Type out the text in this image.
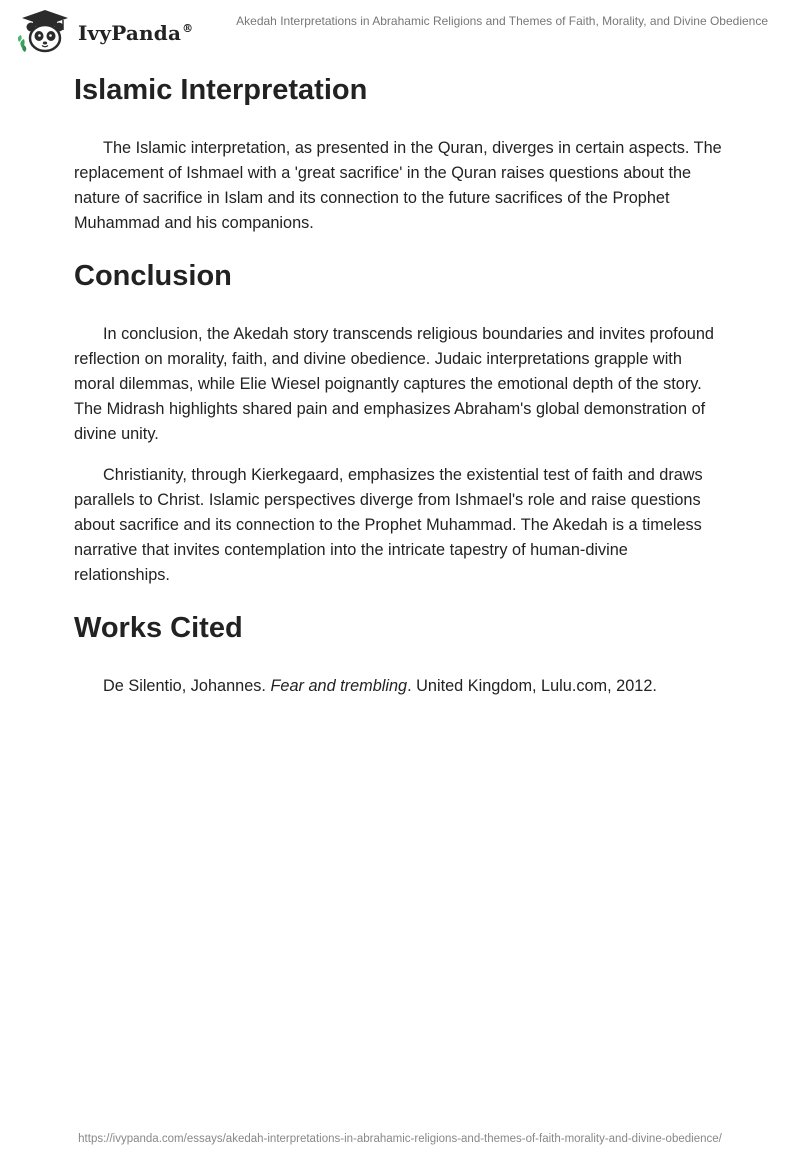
IvyPanda®
Akedah Interpretations in Abrahamic Religions and Themes of Faith, Morality, and Divine Obedience
Islamic Interpretation

The Islamic interpretation, as presented in the Quran, diverges in certain aspects. The replacement of Ishmael with a 'great sacrifice' in the Quran raises questions about the nature of sacrifice in Islam and its connection to the future sacrifices of the Prophet Muhammad and his companions.

Conclusion

In conclusion, the Akedah story transcends religious boundaries and invites profound reflection on morality, faith, and divine obedience. Judaic interpretations grapple with moral dilemmas, while Elie Wiesel poignantly captures the emotional depth of the story. The Midrash highlights shared pain and emphasizes Abraham's global demonstration of divine unity.

Christianity, through Kierkegaard, emphasizes the existential test of faith and draws parallels to Christ. Islamic perspectives diverge from Ishmael's role and raise questions about sacrifice and its connection to the Prophet Muhammad. The Akedah is a timeless narrative that invites contemplation into the intricate tapestry of human-divine relationships.

Works Cited

De Silentio, Johannes. Fear and trembling. United Kingdom, Lulu.com, 2012.

https://ivypanda.com/essays/akedah-interpretations-in-abrahamic-religions-and-themes-of-faith-morality-and-divine-obedience/
